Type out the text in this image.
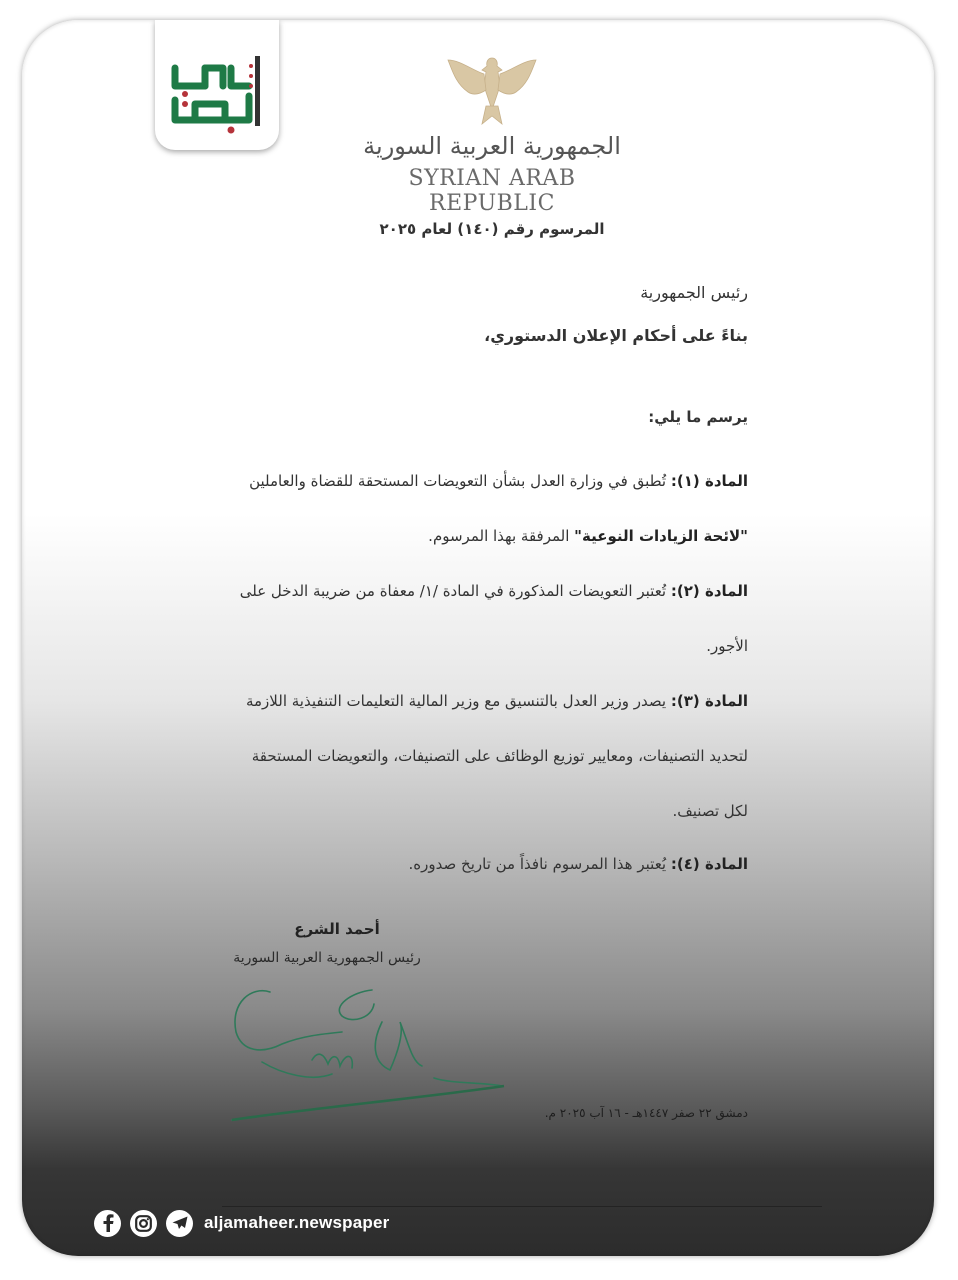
الجمهورية العربية السورية
SYRIAN ARAB REPUBLIC
المرسوم رقم (١٤٠) لعام ٢٠٢٥
رئيس الجمهورية
بناءً على أحكام الإعلان الدستوري،
يرسم ما يلي:
المادة (١): تُطبق في وزارة العدل بشأن التعويضات المستحقة للقضاة والعاملين
"لائحة الزيادات النوعية" المرفقة بهذا المرسوم.
المادة (٢): تُعتبر التعويضات المذكورة في المادة /١/ معفاة من ضريبة الدخل على
الأجور.
المادة (٣): يصدر وزير العدل بالتنسيق مع وزير المالية التعليمات التنفيذية اللازمة
لتحديد التصنيفات، ومعايير توزيع الوظائف على التصنيفات، والتعويضات المستحقة
لكل تصنيف.
المادة (٤): يُعتبر هذا المرسوم نافذاً من تاريخ صدوره.
أحمد الشرع
رئيس الجمهورية العربية السورية
دمشق ٢٢ صفر ١٤٤٧هـ - ١٦ آب ٢٠٢٥ م.
aljamaheer.newspaper
